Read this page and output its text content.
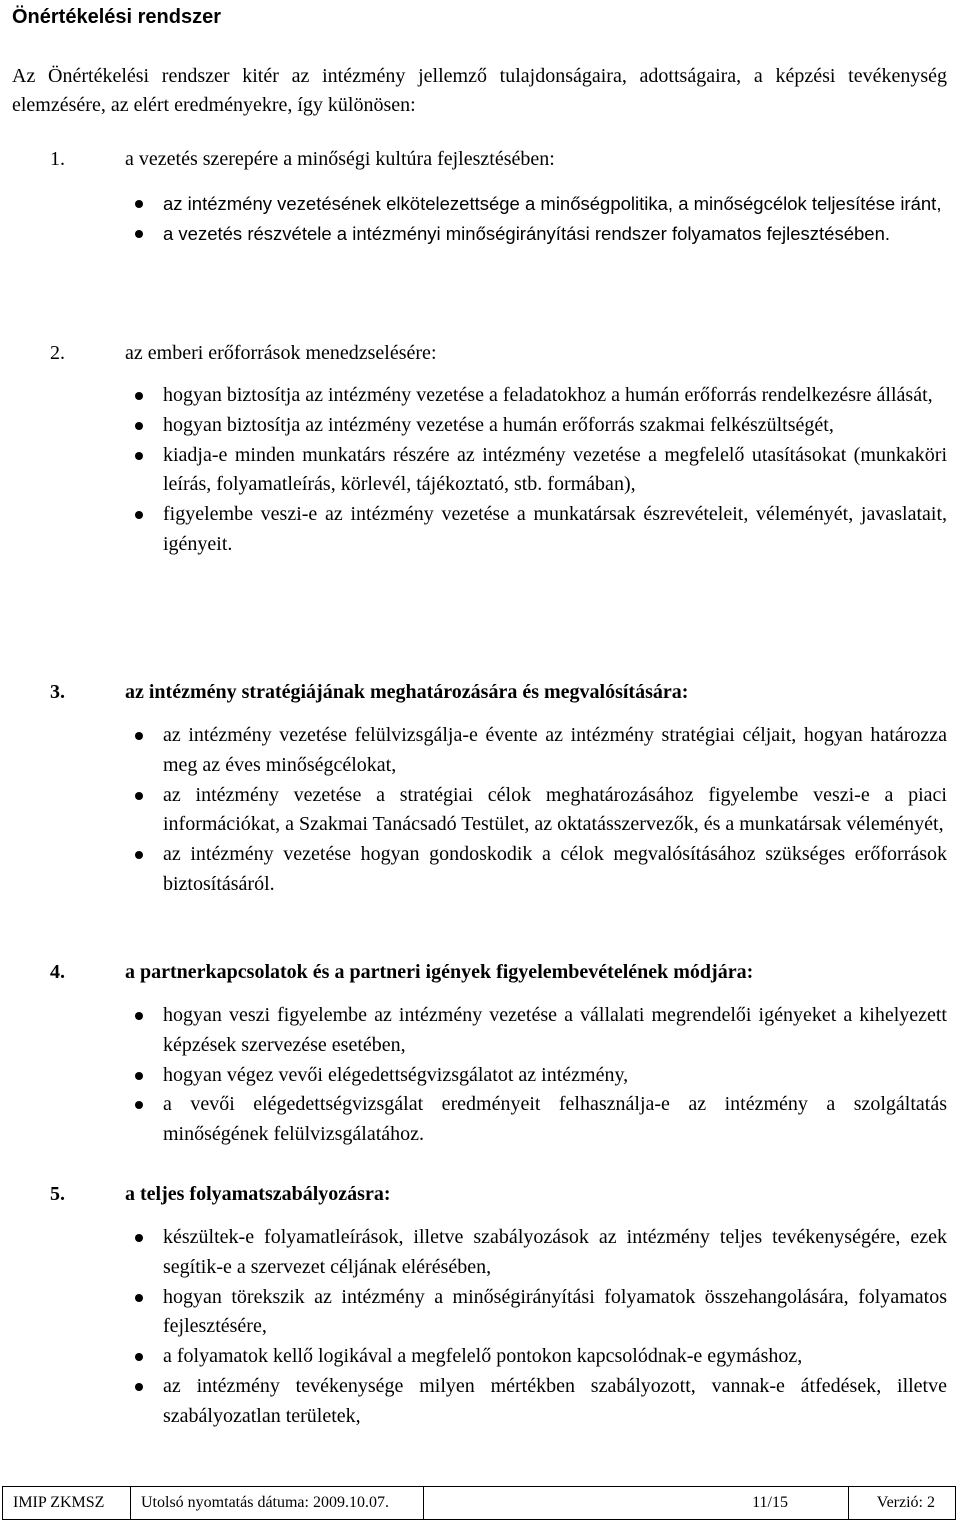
Önértékelési rendszer

Az Önértékelési rendszer kitér az intézmény jellemző tulajdonságaira, adottságaira, a képzési tevékenység elemzésére, az elért eredményekre, így különösen:

1.	a vezetés szerepére a minőségi kultúra fejlesztésében:
az intézmény vezetésének elkötelezettsége a minőségpolitika, a minőségcélok teljesítése iránt,
a vezetés részvétele a intézményi minőségirányítási rendszer folyamatos fejlesztésében.
2.	az emberi erőforrások menedzselésére:
hogyan biztosítja az intézmény vezetése a feladatokhoz a humán erőforrás rendelkezésre állását,
hogyan biztosítja az intézmény vezetése a humán erőforrás szakmai felkészültségét,
kiadja-e minden munkatárs részére az intézmény vezetése a megfelelő utasításokat (munkaköri leírás, folyamatleírás, körlevél, tájékoztató, stb. formában),
figyelembe veszi-e az intézmény vezetése a munkatársak észrevételeit, véleményét, javaslatait, igényeit.
3.	az intézmény stratégiájának meghatározására és megvalósítására:
az intézmény vezetése felülvizsgálja-e évente az intézmény stratégiai céljait, hogyan határozza meg az éves minőségcélokat,
az intézmény vezetése a stratégiai célok meghatározásához figyelembe veszi-e a piaci információkat, a Szakmai Tanácsadó Testület, az oktatásszervezők, és a munkatársak véleményét,
az intézmény vezetése hogyan gondoskodik a célok megvalósításához szükséges erőforrások biztosításáról.
4.	a partnerkapcsolatok és a partneri igények figyelembevételének módjára:
hogyan veszi figyelembe az intézmény vezetése a vállalati megrendelői igényeket a kihelyezett képzések szervezése esetében,
hogyan végez vevői elégedettségvizsgálatot az intézmény,
a vevői elégedettségvizsgálat eredményeit felhasználja-e az intézmény a szolgáltatás minőségének felülvizsgálatához.
5.	a teljes folyamatszabályozásra:
készültek-e folyamatleírások, illetve szabályozások az intézmény teljes tevékenységére, ezek segítik-e a szervezet céljának elérésében,
hogyan törekszik az intézmény a minőségirányítási folyamatok összehangolására, folyamatos fejlesztésére,
a folyamatok kellő logikával a megfelelő pontokon kapcsolódnak-e egymáshoz,
az intézmény tevékenysége milyen mértékben szabályozott, vannak-e átfedések, illetve szabályozatlan területek,
IMIP ZKMSZ	Utolsó nyomtatás dátuma: 2009.10.07.	11/15	Verzió: 2
